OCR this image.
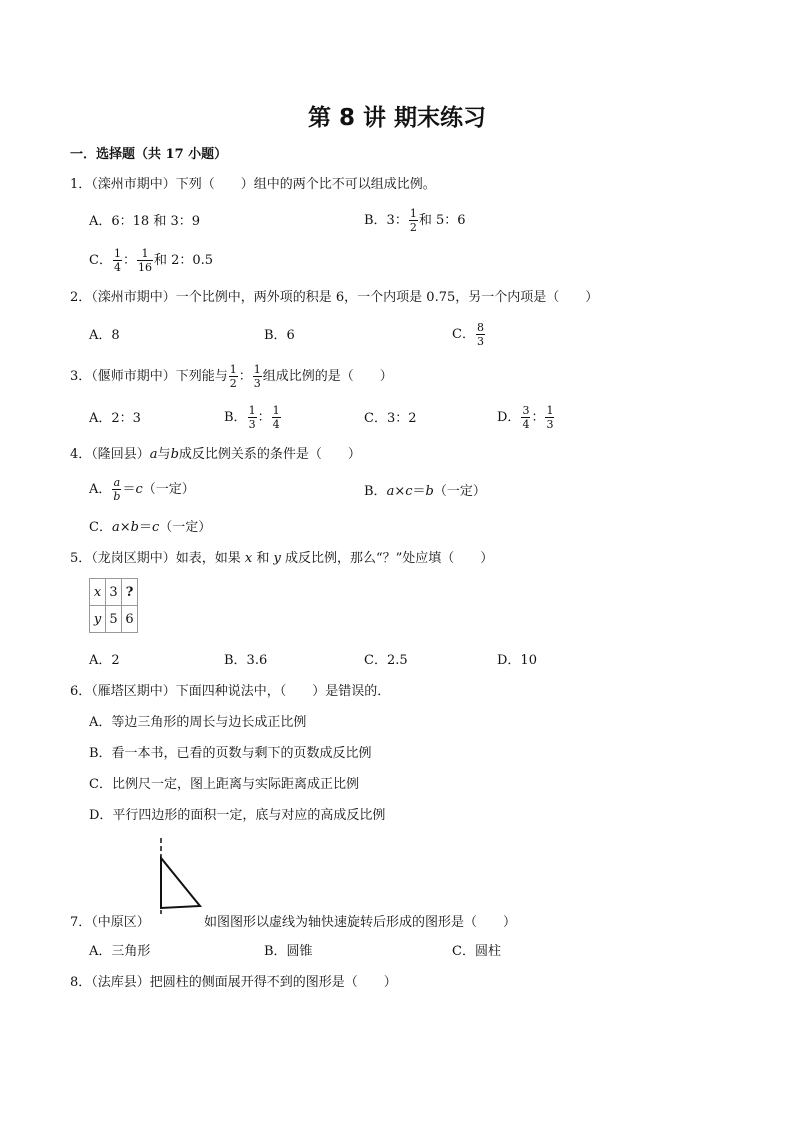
第 8 讲 期末练习
一．选择题（共 17 小题）
1．（滦州市期中）下列（　　）组中的两个比不可以组成比例。
A．6：18 和 3：9	B．3： $\frac{1}{2}$ 和 5：6
C． $\frac{1}{4}$ ： $\frac{1}{16}$ 和 2：0.5
2．（滦州市期中）一个比例中，两外项的积是 6，一个内项是 0.75，另一个内项是（　　）
A．8	B．6	C． $\frac{8}{3}$
3．（偃师市期中）下列能与 $\frac{1}{2}$ ： $\frac{1}{3}$ 组成比例的是（　　）
A．2：3	B． $\frac{1}{3}$ ： $\frac{1}{4}$	C．3：2	D． $\frac{3}{4}$ ： $\frac{1}{3}$
4．（隆回县）a与b成反比例关系的条件是（　　）
A． $\frac{a}{b} =c$（一定）	B．a×c＝b（一定）
C．a×b＝c（一定）
5．（龙岗区期中）如表，如果 x 和 y 成反比例，那么“？”处应填（　　）
x	3	?
y	5	6
A．2	B．3.6	C．2.5	D．10
6．（雁塔区期中）下面四种说法中，（　　）是错误的．
A．等边三角形的周长与边长成正比例
B．看一本书，已看的页数与剩下的页数成反比例
C．比例尺一定，图上距离与实际距离成正比例
D．平行四边形的面积一定，底与对应的高成反比例
7．（中原区）	如图图形以虚线为轴快速旋转后形成的图形是（　　）
A．三角形	B．圆锥	C．圆柱
8．（法库县）把圆柱的侧面展开得不到的图形是（　　）
